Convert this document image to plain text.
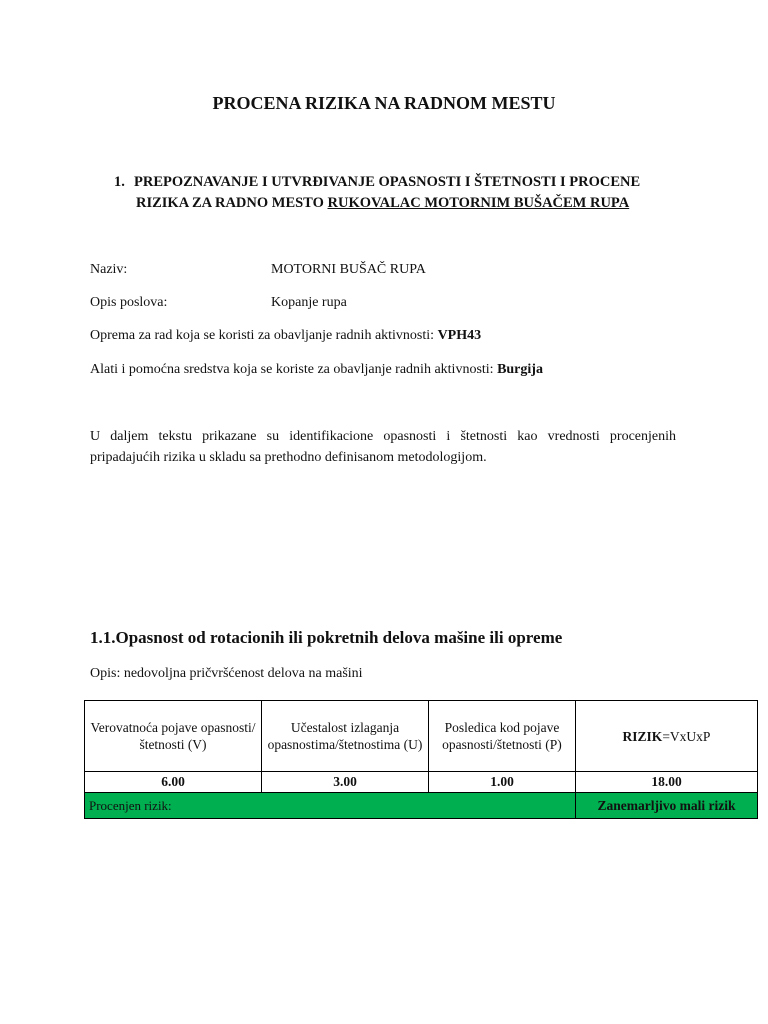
PROCENA RIZIKA NA RADNOM MESTU
1. PREPOZNAVANJE I UTVRĐIVANJE OPASNOSTI I ŠTETNOSTI I PROCENE
RIZIKA ZA RADNO MESTO RUKOVALAC MOTORNIM BUŠAČEM RUPA
Naziv:	MOTORNI BUŠAČ RUPA
Opis poslova:	Kopanje rupa
Oprema za rad koja se koristi za obavljanje radnih aktivnosti: VPH43
Alati i pomoćna sredstva koja se koriste za obavljanje radnih aktivnosti: Burgija
U daljem tekstu prikazane su identifikacione opasnosti i štetnosti kao vrednosti procenjenih pripadajućih rizika u skladu sa prethodno definisanom metodologijom.
1.1.Opasnost od rotacionih ili pokretnih delova mašine ili opreme
Opis: nedovoljna pričvršćenost delova na mašini
Verovatnoća pojave opasnosti/štetnosti (V)	Učestalost izlaganja opasnostima/štetnostima (U)	Posledica kod pojave opasnosti/štetnosti (P)	RIZIK=VxUxP
6.00	3.00	1.00	18.00
Procenjen rizik:			Zanemarljivo mali rizik
